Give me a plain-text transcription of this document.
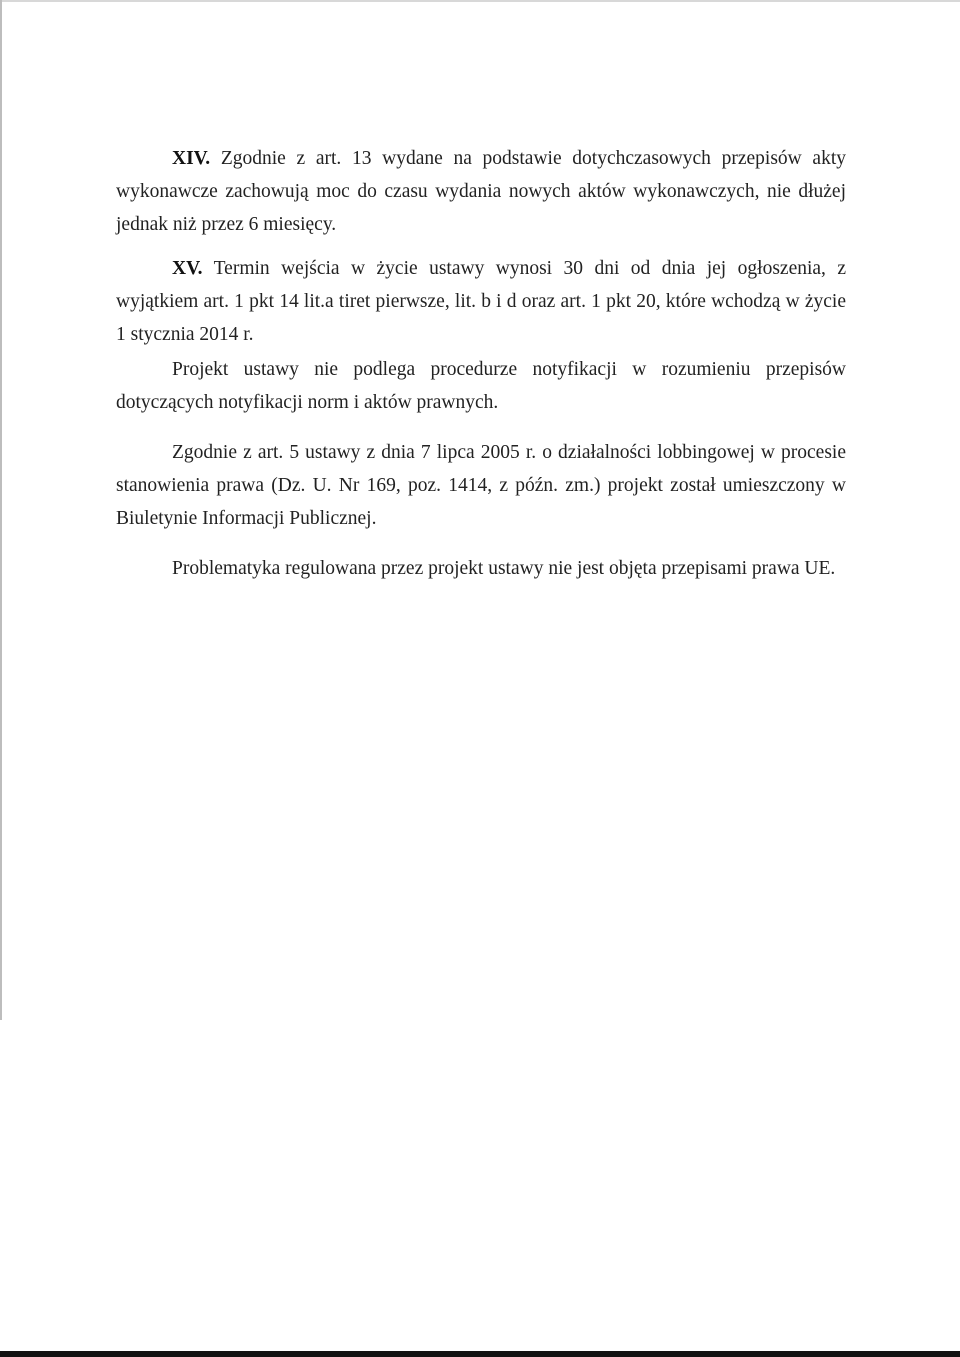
XIV. Zgodnie z art. 13 wydane na podstawie dotychczasowych przepisów akty wykonawcze zachowują moc do czasu wydania nowych aktów wykonawczych, nie dłużej jednak niż przez 6 miesięcy.

XV. Termin wejścia w życie ustawy wynosi 30 dni od dnia jej ogłoszenia, z wyjątkiem art. 1 pkt 14 lit.a tiret pierwsze, lit. b i d oraz art. 1 pkt 20, które wchodzą w życie 1 stycznia 2014 r.

Projekt ustawy nie podlega procedurze notyfikacji w rozumieniu przepisów dotyczących notyfikacji norm i aktów prawnych.

Zgodnie z art. 5 ustawy z dnia 7 lipca 2005 r. o działalności lobbingowej w procesie stanowienia prawa (Dz. U. Nr 169, poz. 1414, z późn. zm.) projekt został umieszczony w Biuletynie Informacji Publicznej.

Problematyka regulowana przez projekt ustawy nie jest objęta przepisami prawa UE.
